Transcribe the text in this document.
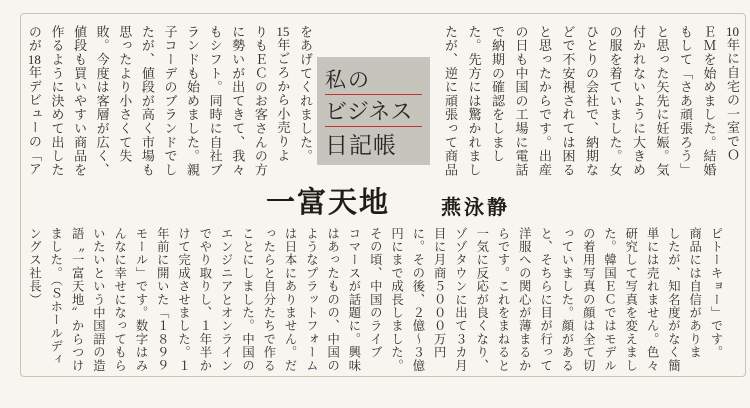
10年に自宅の一室でＯ
ＥＭを始めました。結婚
もして「さあ頑張ろう」
と思った矢先に妊娠。気
付かれないように大きめ
の服を着ていました。女
ひとりの会社で、納期な
どで不安視されては困る
と思ったからです。出産
の日も中国の工場に電話
で納期の確認をしまし
た。先方には驚かれまし
たが、逆に頑張って商品
私の
ビジネス
日記帳
をあげてくれました。
15年ごろから小売りよ
りもＥＣのお客さんの方
に勢いが出てきて、我々
もシフト。同時に自社ブ
ランドも始めました。親
子コーデのブランドでし
たが、値段が高く市場も
思ったより小さくて失
敗。今度は客層が広く、
値段も買いやすい商品を
作るように決めて出した
のが18年デビューの「ア
一富天地	燕泳静
ピトーキョー」です。
商品には自信がありま
したが、知名度がなく簡
単には売れません。色々
研究して写真を変えまし
た。韓国ＥＣではモデル
の着用写真の顔は全て切
っていました。顔がある
と、そちらに目が行って
洋服への関心が薄まるか
らです。これをまねると
一気に反応が良くなり、
ゾゾタウンに出て３カ月
目に月商５０００万円
に。その後、２億～３億
円にまで成長しました。
その頃、中国のライブ
コマースが話題に。興味
はあったものの、中国の
ようなプラットフォーム
は日本にありません。だ
ったらと自分たちで作る
ことにしました。中国の
エンジニアとオンライン
でやり取りし、１年半か
けて完成させました。１
年前に開いた「１８９９
モール」です。数字はみ
んなに幸せになってもら
いたいという中国語の造
語〝一富天地〟からつけ
ました。（Ｓホールディ
ングス社長）
